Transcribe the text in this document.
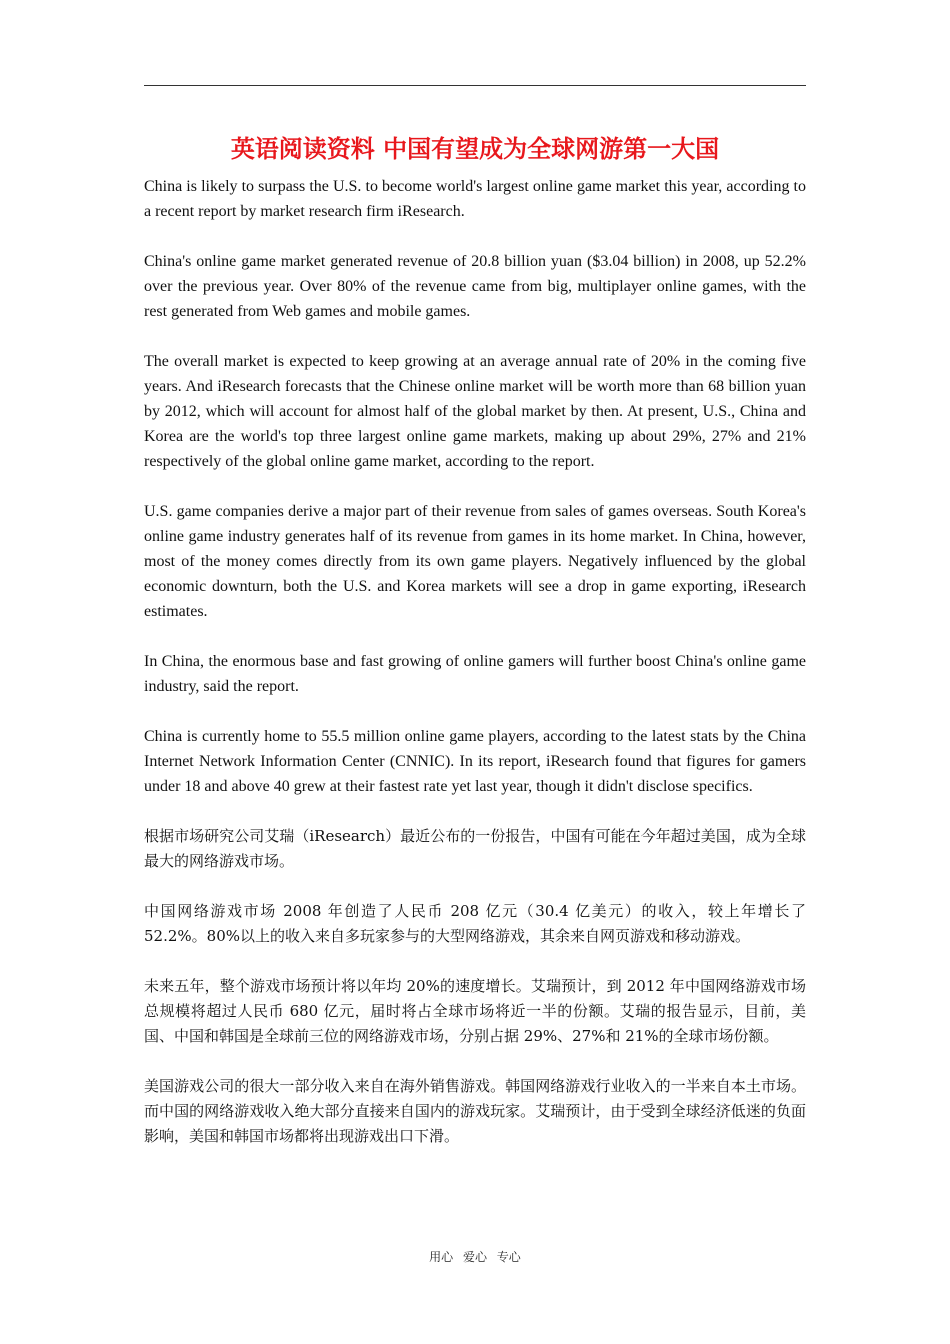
英语阅读资料 中国有望成为全球网游第一大国

China is likely to surpass the U.S. to become world's largest online game market this year, according to a recent report by market research firm iResearch.

China's online game market generated revenue of 20.8 billion yuan ($3.04 billion) in 2008, up 52.2% over the previous year. Over 80% of the revenue came from big, multiplayer online games, with the rest generated from Web games and mobile games.

The overall market is expected to keep growing at an average annual rate of 20% in the coming five years. And iResearch forecasts that the Chinese online market will be worth more than 68 billion yuan by 2012, which will account for almost half of the global market by then. At present, U.S., China and Korea are the world's top three largest online game markets, making up about 29%, 27% and 21% respectively of the global online game market, according to the report.

U.S. game companies derive a major part of their revenue from sales of games overseas. South Korea's online game industry generates half of its revenue from games in its home market. In China, however, most of the money comes directly from its own game players. Negatively influenced by the global economic downturn, both the U.S. and Korea markets will see a drop in game exporting, iResearch estimates.

In China, the enormous base and fast growing of online gamers will further boost China's online game industry, said the report.

China is currently home to 55.5 million online game players, according to the latest stats by the China Internet Network Information Center (CNNIC). In its report, iResearch found that figures for gamers under 18 and above 40 grew at their fastest rate yet last year, though it didn't disclose specifics.

根据市场研究公司艾瑞（iResearch）最近公布的一份报告，中国有可能在今年超过美国，成为全球最大的网络游戏市场。

中国网络游戏市场 2008 年创造了人民币 208 亿元（30.4 亿美元）的收入，较上年增长了 52.2%。80%以上的收入来自多玩家参与的大型网络游戏，其余来自网页游戏和移动游戏。

未来五年，整个游戏市场预计将以年均 20%的速度增长。艾瑞预计，到 2012 年中国网络游戏市场总规模将超过人民币 680 亿元，届时将占全球市场将近一半的份额。艾瑞的报告显示，目前，美国、中国和韩国是全球前三位的网络游戏市场，分别占据 29%、27%和 21%的全球市场份额。

美国游戏公司的很大一部分收入来自在海外销售游戏。韩国网络游戏行业收入的一半来自本土市场。而中国的网络游戏收入绝大部分直接来自国内的游戏玩家。艾瑞预计，由于受到全球经济低迷的负面影响，美国和韩国市场都将出现游戏出口下滑。

用心 爱心 专心
